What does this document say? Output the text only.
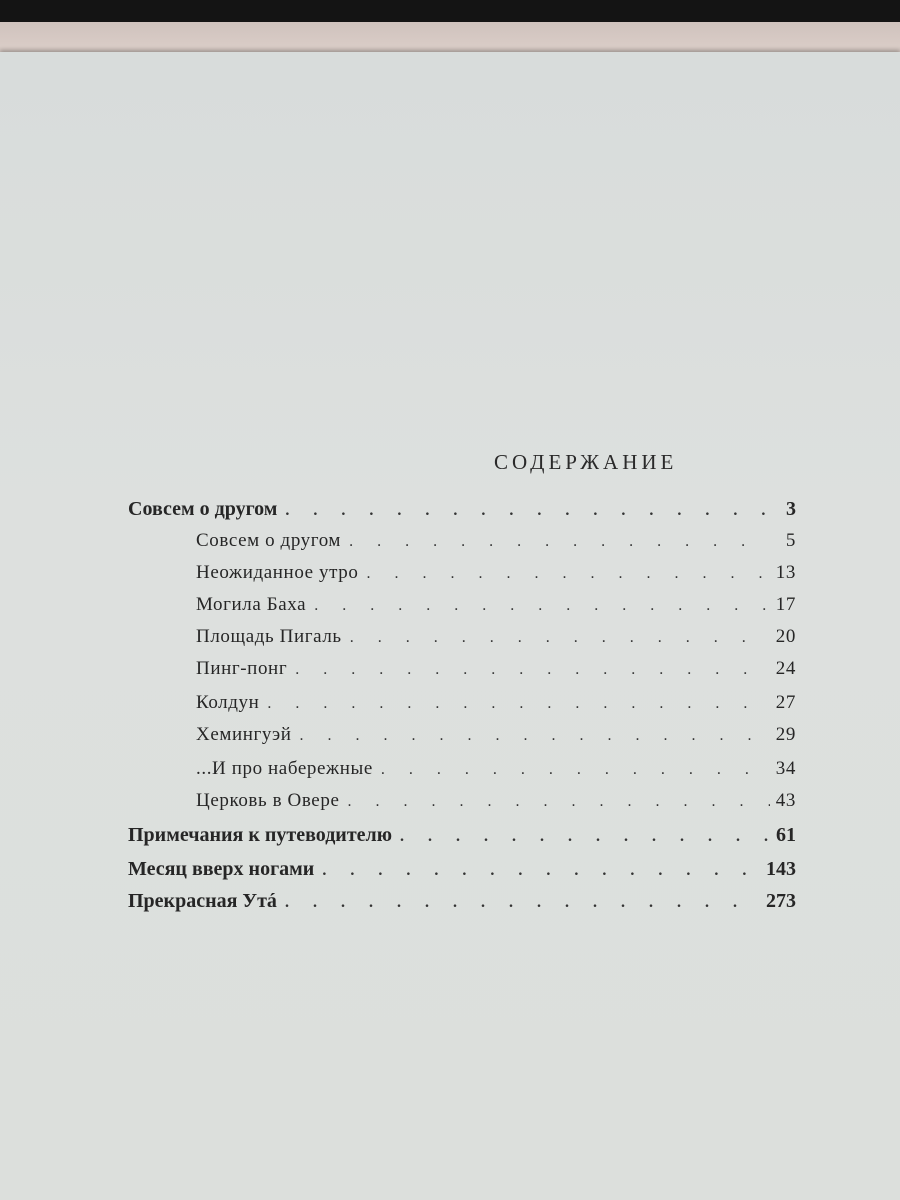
СОДЕРЖАНИЕ
Совсем о другом . . .	3
Совсем о другом . . .	5
Неожиданное утро . . .	13
Могила Баха . . .	17
Площадь Пигаль . . .	20
Пинг-понг . . .	24
Колдун . . .	27
Хемингуэй . . .	29
...И про набережные . . .	34
Церковь в Овере . . .	43
Примечания к путеводителю . . .	61
Месяц вверх ногами . . .	143
Прекрасная Утá . . .	273
